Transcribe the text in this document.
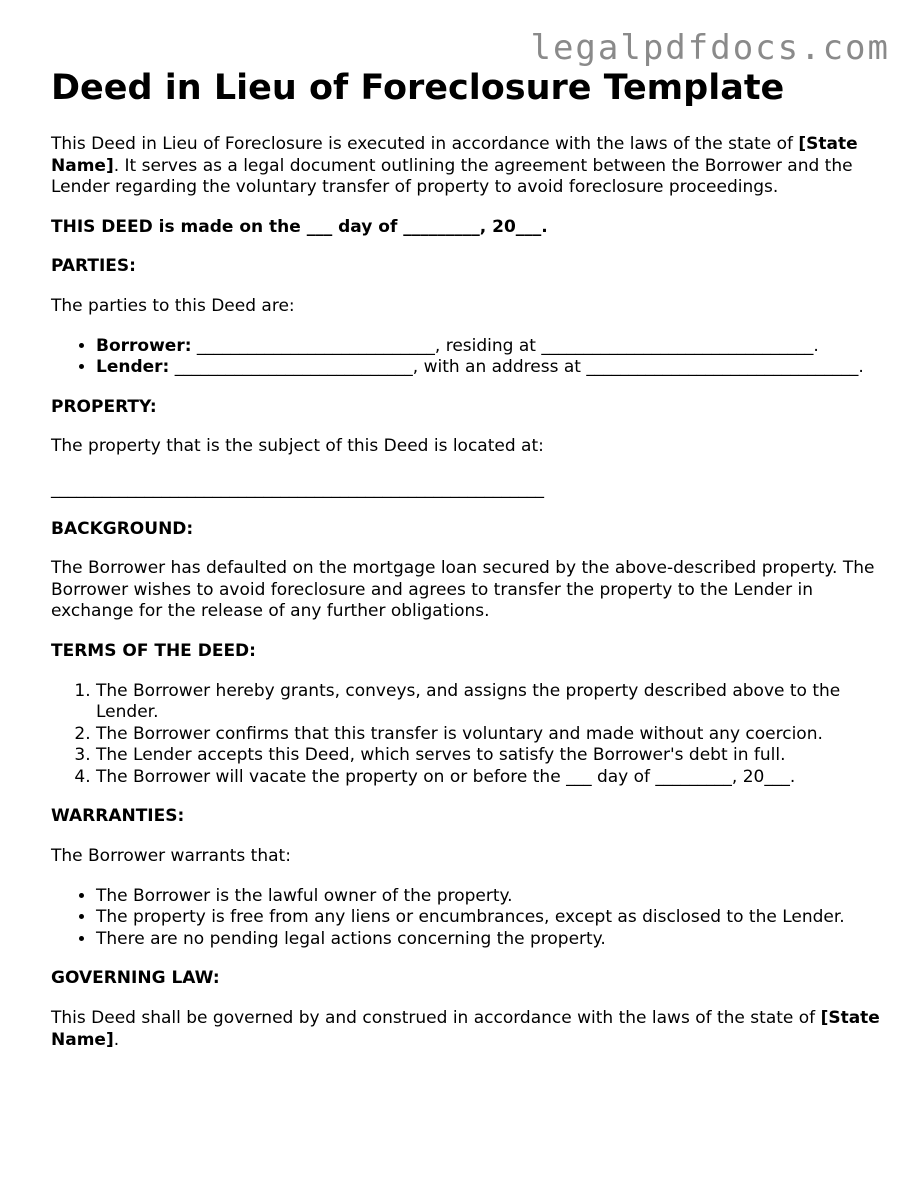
legalpdfdocs.com
Deed in Lieu of Foreclosure Template

This Deed in Lieu of Foreclosure is executed in accordance with the laws of the state of [State Name]. It serves as a legal document outlining the agreement between the Borrower and the Lender regarding the voluntary transfer of property to avoid foreclosure proceedings.

THIS DEED is made on the ___ day of _________, 20___.

PARTIES:

The parties to this Deed are:

• Borrower: ____________________________, residing at ________________________________.
• Lender: ____________________________, with an address at ________________________________.

PROPERTY:

The property that is the subject of this Deed is located at:

__________________________________________________________

BACKGROUND:

The Borrower has defaulted on the mortgage loan secured by the above-described property. The Borrower wishes to avoid foreclosure and agrees to transfer the property to the Lender in exchange for the release of any further obligations.

TERMS OF THE DEED:

1. The Borrower hereby grants, conveys, and assigns the property described above to the Lender.
2. The Borrower confirms that this transfer is voluntary and made without any coercion.
3. The Lender accepts this Deed, which serves to satisfy the Borrower's debt in full.
4. The Borrower will vacate the property on or before the ___ day of _________, 20___.

WARRANTIES:

The Borrower warrants that:

• The Borrower is the lawful owner of the property.
• The property is free from any liens or encumbrances, except as disclosed to the Lender.
• There are no pending legal actions concerning the property.

GOVERNING LAW:

This Deed shall be governed by and construed in accordance with the laws of the state of [State Name].
